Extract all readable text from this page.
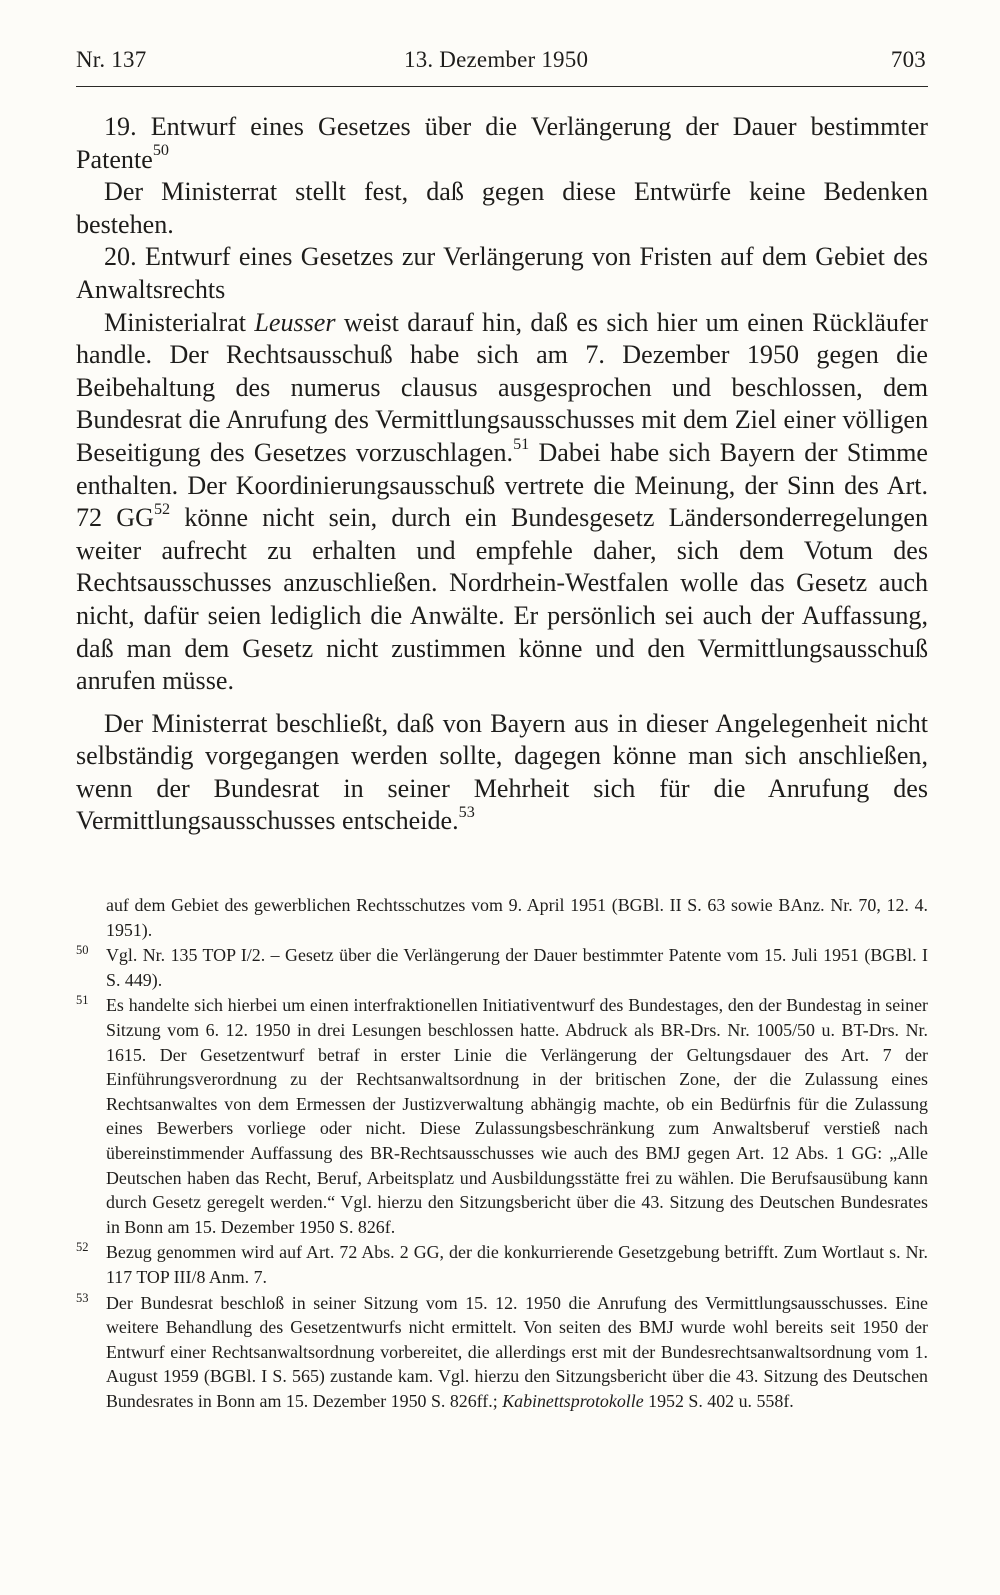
Nr. 137	13. Dezember 1950	703

19. Entwurf eines Gesetzes über die Verlängerung der Dauer bestimmter Patente$^{50}$

Der Ministerrat stellt fest, daß gegen diese Entwürfe keine Bedenken bestehen.

20. Entwurf eines Gesetzes zur Verlängerung von Fristen auf dem Gebiet des Anwaltsrechts

Ministerialrat Leusser weist darauf hin, daß es sich hier um einen Rückläufer handle. Der Rechtsausschuß habe sich am 7. Dezember 1950 gegen die Beibehaltung des numerus clausus ausgesprochen und beschlossen, dem Bundesrat die Anrufung des Vermittlungsausschusses mit dem Ziel einer völligen Beseitigung des Gesetzes vorzuschlagen.$^{51}$ Dabei habe sich Bayern der Stimme enthalten. Der Koordinierungsausschuß vertrete die Meinung, der Sinn des Art. 72 GG$^{52}$ könne nicht sein, durch ein Bundesgesetz Ländersonderregelungen weiter aufrecht zu erhalten und empfehle daher, sich dem Votum des Rechtsausschusses anzuschließen. Nordrhein-Westfalen wolle das Gesetz auch nicht, dafür seien lediglich die Anwälte. Er persönlich sei auch der Auffassung, daß man dem Gesetz nicht zustimmen könne und den Vermittlungsausschuß anrufen müsse.

Der Ministerrat beschließt, daß von Bayern aus in dieser Angelegenheit nicht selbständig vorgegangen werden sollte, dagegen könne man sich anschließen, wenn der Bundesrat in seiner Mehrheit sich für die Anrufung des Vermittlungsausschusses entscheide.$^{53}$

auf dem Gebiet des gewerblichen Rechtsschutzes vom 9. April 1951 (BGBl. II S. 63 sowie BAnz. Nr. 70, 12. 4. 1951).
50 Vgl. Nr. 135 TOP I/2. – Gesetz über die Verlängerung der Dauer bestimmter Patente vom 15. Juli 1951 (BGBl. I S. 449).
51 Es handelte sich hierbei um einen interfraktionellen Initiativentwurf des Bundestages, den der Bundestag in seiner Sitzung vom 6. 12. 1950 in drei Lesungen beschlossen hatte. Abdruck als BR-Drs. Nr. 1005/50 u. BT-Drs. Nr. 1615. Der Gesetzentwurf betraf in erster Linie die Verlängerung der Geltungsdauer des Art. 7 der Einführungsverordnung zu der Rechtsanwaltsordnung in der britischen Zone, der die Zulassung eines Rechtsanwaltes von dem Ermessen der Justizverwaltung abhängig machte, ob ein Bedürfnis für die Zulassung eines Bewerbers vorliege oder nicht. Diese Zulassungsbeschränkung zum Anwaltsberuf verstieß nach übereinstimmender Auffassung des BR-Rechtsausschusses wie auch des BMJ gegen Art. 12 Abs. 1 GG: „Alle Deutschen haben das Recht, Beruf, Arbeitsplatz und Ausbildungsstätte frei zu wählen. Die Berufsausübung kann durch Gesetz geregelt werden.“ Vgl. hierzu den Sitzungsbericht über die 43. Sitzung des Deutschen Bundesrates in Bonn am 15. Dezember 1950 S. 826f.
52 Bezug genommen wird auf Art. 72 Abs. 2 GG, der die konkurrierende Gesetzgebung betrifft. Zum Wortlaut s. Nr. 117 TOP III/8 Anm. 7.
53 Der Bundesrat beschloß in seiner Sitzung vom 15. 12. 1950 die Anrufung des Vermittlungsausschusses. Eine weitere Behandlung des Gesetzentwurfs nicht ermittelt. Von seiten des BMJ wurde wohl bereits seit 1950 der Entwurf einer Rechtsanwaltsordnung vorbereitet, die allerdings erst mit der Bundesrechtsanwaltsordnung vom 1. August 1959 (BGBl. I S. 565) zustande kam. Vgl. hierzu den Sitzungsbericht über die 43. Sitzung des Deutschen Bundesrates in Bonn am 15. Dezember 1950 S. 826ff.; Kabinettsprotokolle 1952 S. 402 u. 558f.
